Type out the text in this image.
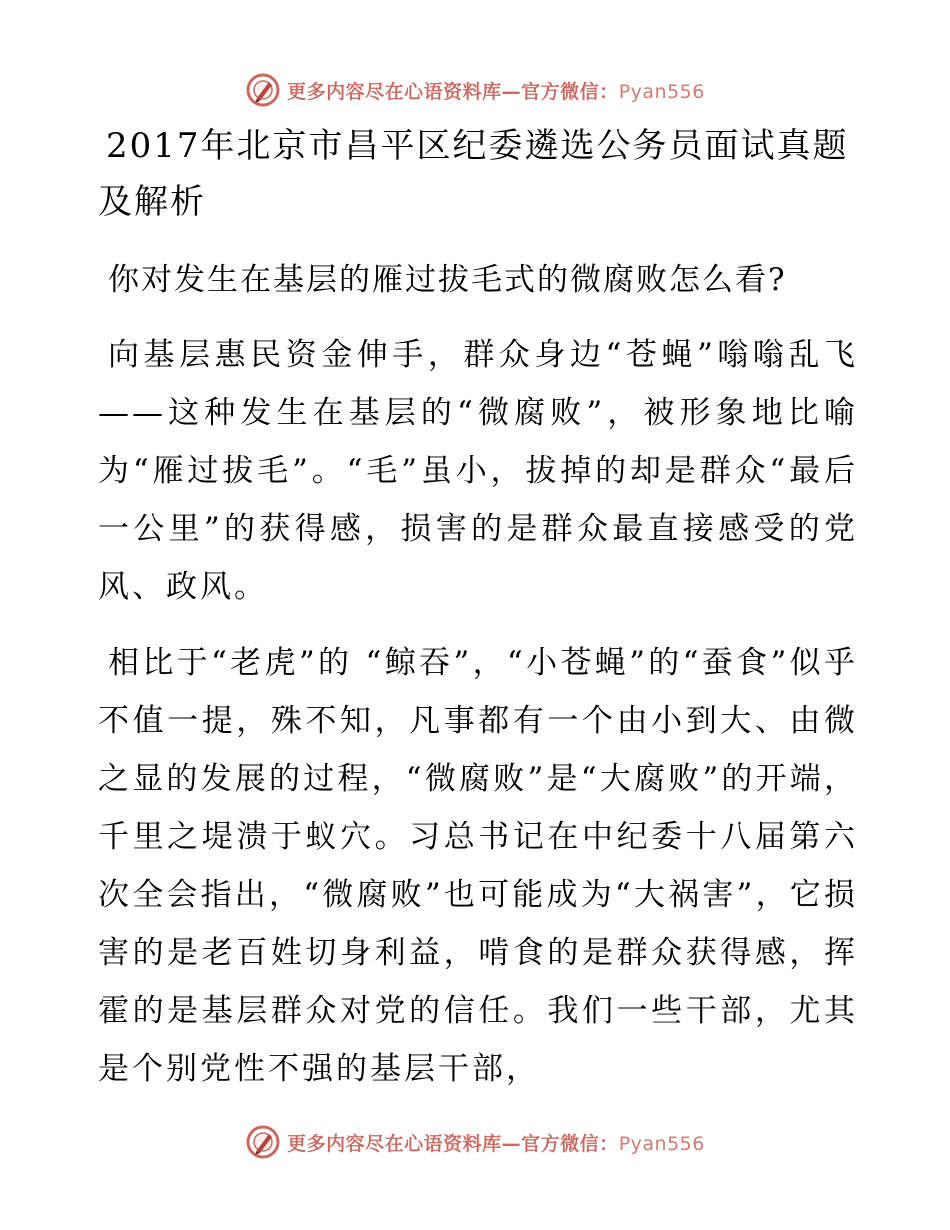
更多内容尽在心语资料库—官方微信：Pyan556
2017年北京市昌平区纪委遴选公务员面试真题及解析

你对发生在基层的雁过拔毛式的微腐败怎么看?

向基层惠民资金伸手，群众身边“苍蝇”嗡嗡乱飞——这种发生在基层的“微腐败”，被形象地比喻为“雁过拔毛”。“毛”虽小，拔掉的却是群众“最后一公里”的获得感，损害的是群众最直接感受的党风、政风。

相比于“老虎”的 “鲸吞”，“小苍蝇”的“蚕食”似乎不值一提，殊不知，凡事都有一个由小到大、由微之显的发展的过程，“微腐败”是“大腐败”的开端，千里之堤溃于蚁穴。习总书记在中纪委十八届第六次全会指出，“微腐败”也可能成为“大祸害”，它损害的是老百姓切身利益，啃食的是群众获得感，挥霍的是基层群众对党的信任。我们一些干部，尤其是个别党性不强的基层干部，

更多内容尽在心语资料库—官方微信：Pyan556
